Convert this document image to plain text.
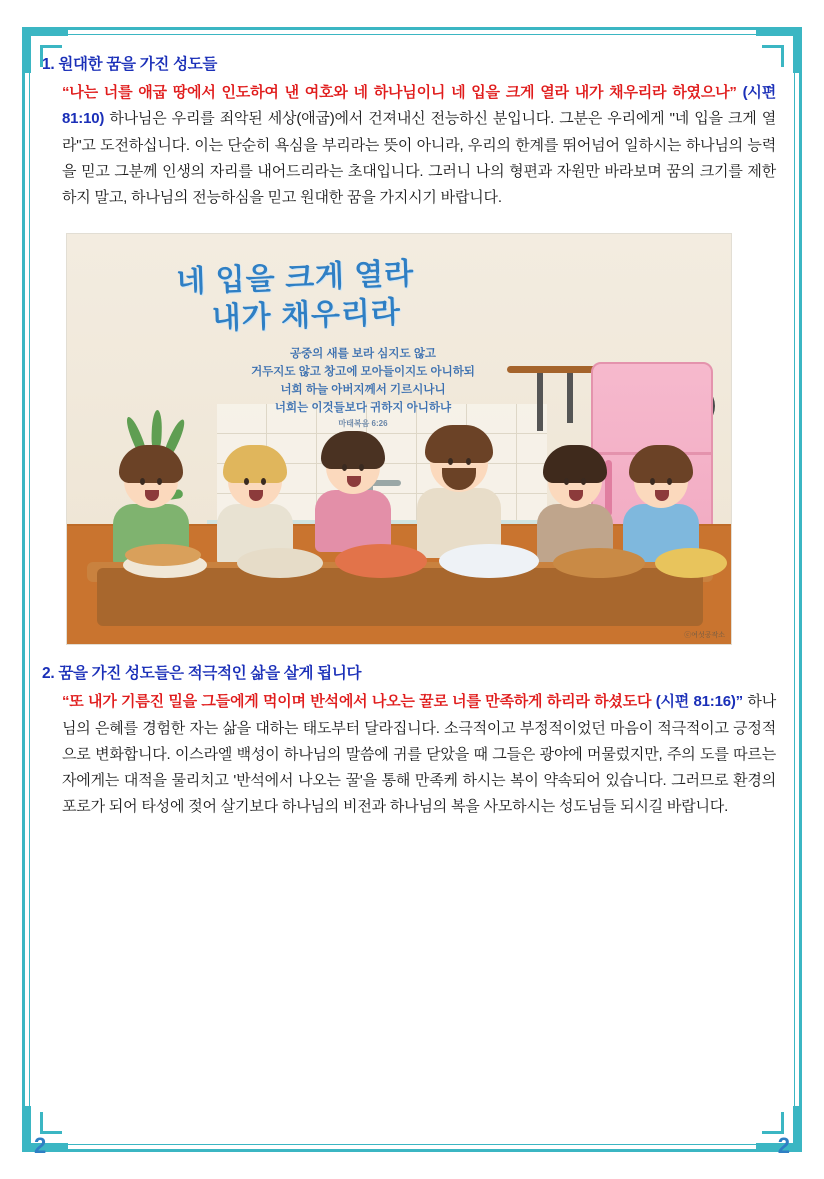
1. 원대한 꿈을 가진 성도들

“나는 너를 애굽 땅에서 인도하여 낸 여호와 네 하나님이니 네 입을 크게 열라 내가 채우리라 하였으나” (시편 81:10) 하나님은 우리를 죄악된 세상(애굽)에서 건져내신 전능하신 분입니다. 그분은 우리에게 "네 입을 크게 열라"고 도전하십니다. 이는 단순히 욕심을 부리라는 뜻이 아니라, 우리의 한계를 뛰어넘어 일하시는 하나님의 능력을 믿고 그분께 인생의 자리를 내어드리라는 초대입니다. 그러니 나의 형편과 자원만 바라보며 꿈의 크기를 제한하지 말고, 하나님의 전능하심을 믿고 원대한 꿈을 가지시기 바랍니다.

네 입을 크게 열라
내가 채우리라
공중의 새를 보라 심지도 않고
거두지도 않고 창고에 모아들이지도 아니하되
너희 하늘 아버지께서 기르시나니
너희는 이것들보다 귀하지 아니하냐
마태복음 6:26
ⓒ여섯공작소
2. 꿈을 가진 성도들은 적극적인 삶을 살게 됩니다

“또 내가 기름진 밀을 그들에게 먹이며 반석에서 나오는 꿀로 너를 만족하게 하리라 하셨도다 (시편 81:16)” 하나님의 은혜를 경험한 자는 삶을 대하는 태도부터 달라집니다. 소극적이고 부정적이었던 마음이 적극적이고 긍정적으로 변화합니다. 이스라엘 백성이 하나님의 말씀에 귀를 닫았을 때 그들은 광야에 머물렀지만, 주의 도를 따르는 자에게는 대적을 물리치고 '반석에서 나오는 꿀'을 통해 만족케 하시는 복이 약속되어 있습니다. 그러므로 환경의 포로가 되어 타성에 젖어 살기보다 하나님의 비전과 하나님의 복을 사모하시는 성도님들 되시길 바랍니다.

2	2
